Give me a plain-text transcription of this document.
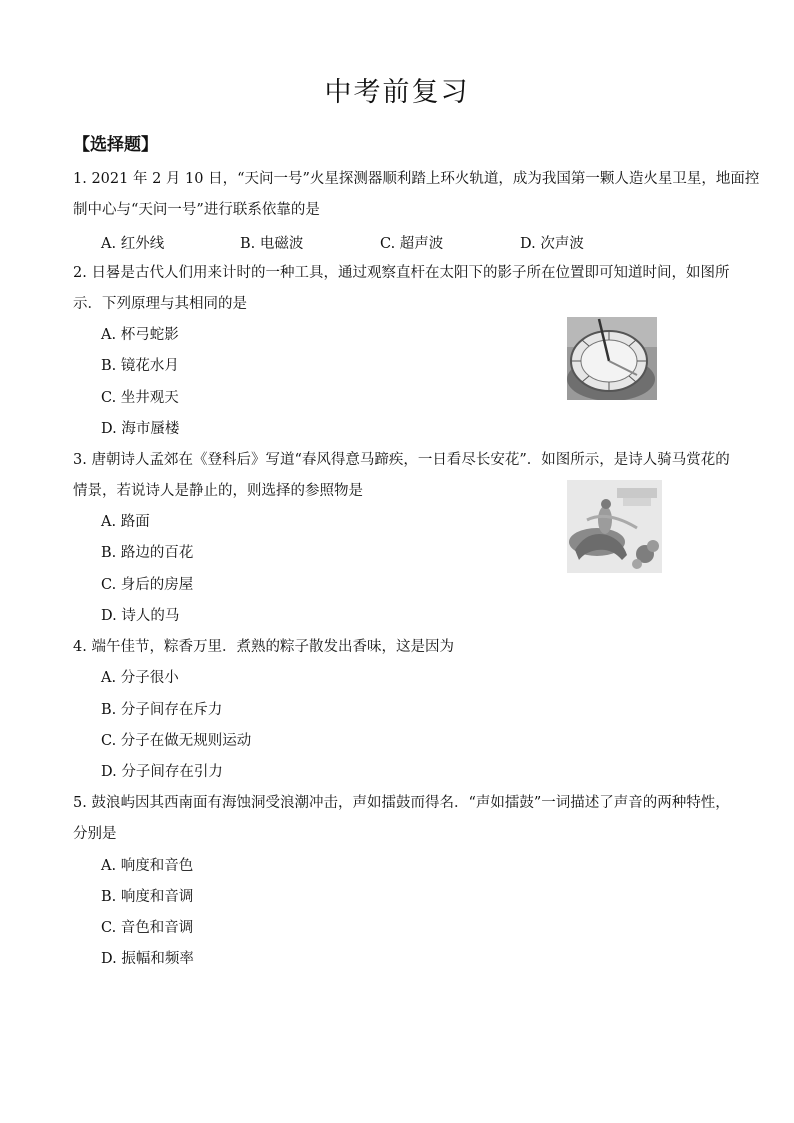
中考前复习
【选择题】
1. 2021 年 2 月 10 日，“天问一号”火星探测器顺利踏上环火轨道，成为我国第一颗人造火星卫星，地面控
制中心与“天问一号”进行联系依靠的是
A. 红外线	B. 电磁波	C. 超声波	D. 次声波
2. 日晷是古代人们用来计时的一种工具，通过观察直杆在太阳下的影子所在位置即可知道时间，如图所
示．下列原理与其相同的是
A. 杯弓蛇影
B. 镜花水月
C. 坐井观天
D. 海市蜃楼
3. 唐朝诗人孟郊在《登科后》写道“春风得意马蹄疾，一日看尽长安花”．如图所示，是诗人骑马赏花的
情景，若说诗人是静止的，则选择的参照物是
A. 路面
B. 路边的百花
C. 身后的房屋
D. 诗人的马
4. 端午佳节，粽香万里．煮熟的粽子散发出香味，这是因为
A. 分子很小
B. 分子间存在斥力
C. 分子在做无规则运动
D. 分子间存在引力
5. 鼓浪屿因其西南面有海蚀洞受浪潮冲击，声如擂鼓而得名．“声如擂鼓”一词描述了声音的两种特性，
分别是
A. 响度和音色
B. 响度和音调
C. 音色和音调
D. 振幅和频率
